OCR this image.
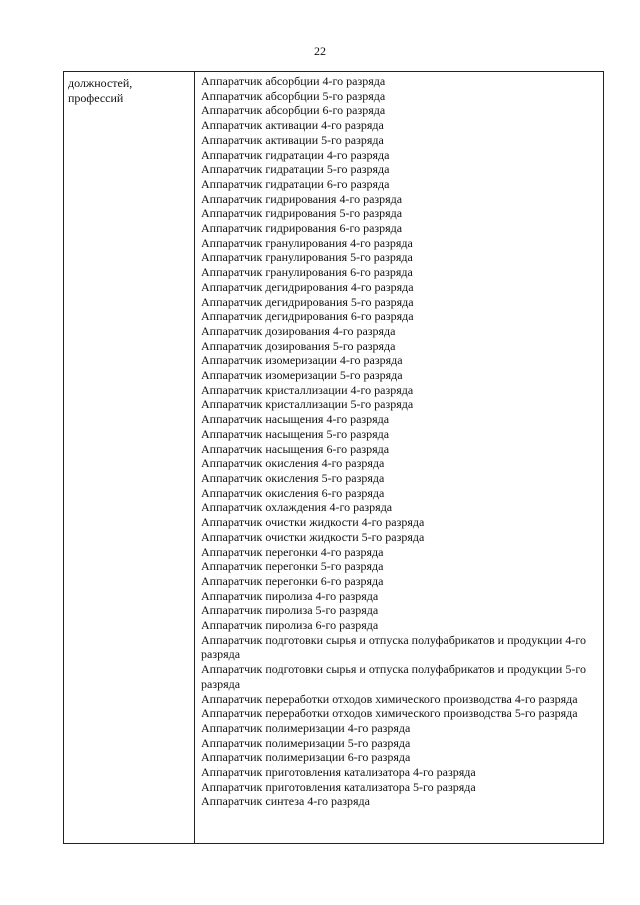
22
должностей,
профессий
Аппаратчик абсорбции 4-го разряда
Аппаратчик абсорбции 5-го разряда
Аппаратчик абсорбции 6-го разряда
Аппаратчик активации 4-го разряда
Аппаратчик активации 5-го разряда
Аппаратчик гидратации 4-го разряда
Аппаратчик гидратации 5-го разряда
Аппаратчик гидратации 6-го разряда
Аппаратчик гидрирования 4-го разряда
Аппаратчик гидрирования 5-го разряда
Аппаратчик гидрирования 6-го разряда
Аппаратчик гранулирования 4-го разряда
Аппаратчик гранулирования 5-го разряда
Аппаратчик гранулирования 6-го разряда
Аппаратчик дегидрирования 4-го разряда
Аппаратчик дегидрирования 5-го разряда
Аппаратчик дегидрирования 6-го разряда
Аппаратчик дозирования 4-го разряда
Аппаратчик дозирования 5-го разряда
Аппаратчик изомеризации 4-го разряда
Аппаратчик изомеризации 5-го разряда
Аппаратчик кристаллизации 4-го разряда
Аппаратчик кристаллизации 5-го разряда
Аппаратчик насыщения 4-го разряда
Аппаратчик насыщения 5-го разряда
Аппаратчик насыщения 6-го разряда
Аппаратчик окисления 4-го разряда
Аппаратчик окисления 5-го разряда
Аппаратчик окисления 6-го разряда
Аппаратчик охлаждения 4-го разряда
Аппаратчик очистки жидкости 4-го разряда
Аппаратчик очистки жидкости 5-го разряда
Аппаратчик перегонки 4-го разряда
Аппаратчик перегонки 5-го разряда
Аппаратчик перегонки 6-го разряда
Аппаратчик пиролиза 4-го разряда
Аппаратчик пиролиза 5-го разряда
Аппаратчик пиролиза 6-го разряда
Аппаратчик подготовки сырья и отпуска полуфабрикатов и продукции 4-го разряда
Аппаратчик подготовки сырья и отпуска полуфабрикатов и продукции 5-го разряда
Аппаратчик переработки отходов химического производства 4-го разряда
Аппаратчик переработки отходов химического производства 5-го разряда
Аппаратчик полимеризации 4-го разряда
Аппаратчик полимеризации 5-го разряда
Аппаратчик полимеризации 6-го разряда
Аппаратчик приготовления катализатора 4-го разряда
Аппаратчик приготовления катализатора 5-го разряда
Аппаратчик синтеза 4-го разряда
